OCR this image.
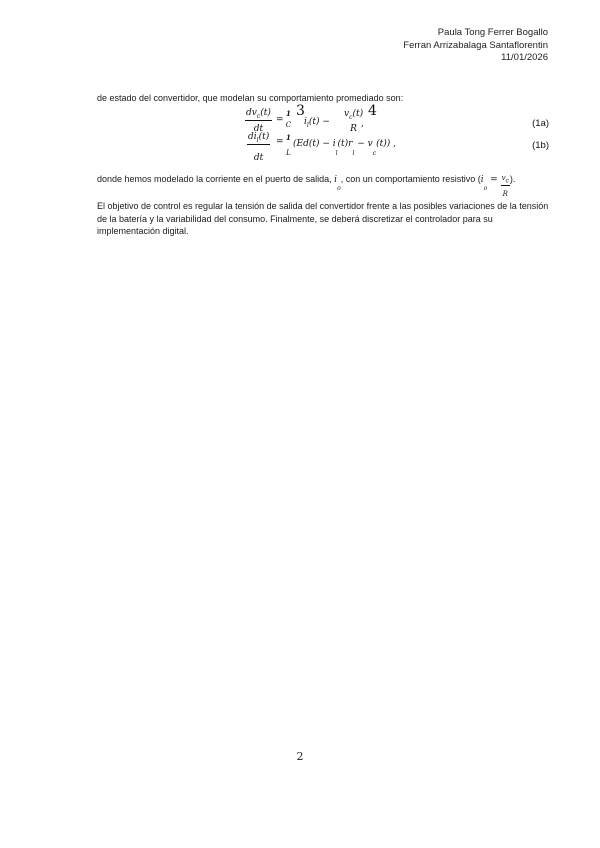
Paula Tong Ferrer Bogallo
Ferran Arrizabalaga Santaflorentin
11/01/2026
de estado del convertidor, que modelan su comportamiento promediado son:
$dv_c(t)$
dt
=
1
C
3
$i_l(t)$ −
$v_c(t)$
R
4
,	(1a)
$di_l(t)$
dt
= 1
L
$(Ed(t) - i_l(t)r_l - v_c(t))$ ,	(1b)
donde hemos modelado la corriente en el puerto de salida, $i_o$, con un comportamiento resistivo ($i_o = \frac{v_c}{R}$ ).
El objetivo de control es regular la tensión de salida del convertidor frente a las posibles variaciones de la tensión de la batería y la variabilidad del consumo. Finalmente, se deberá discretizar el controlador para su implementación digital.
2
